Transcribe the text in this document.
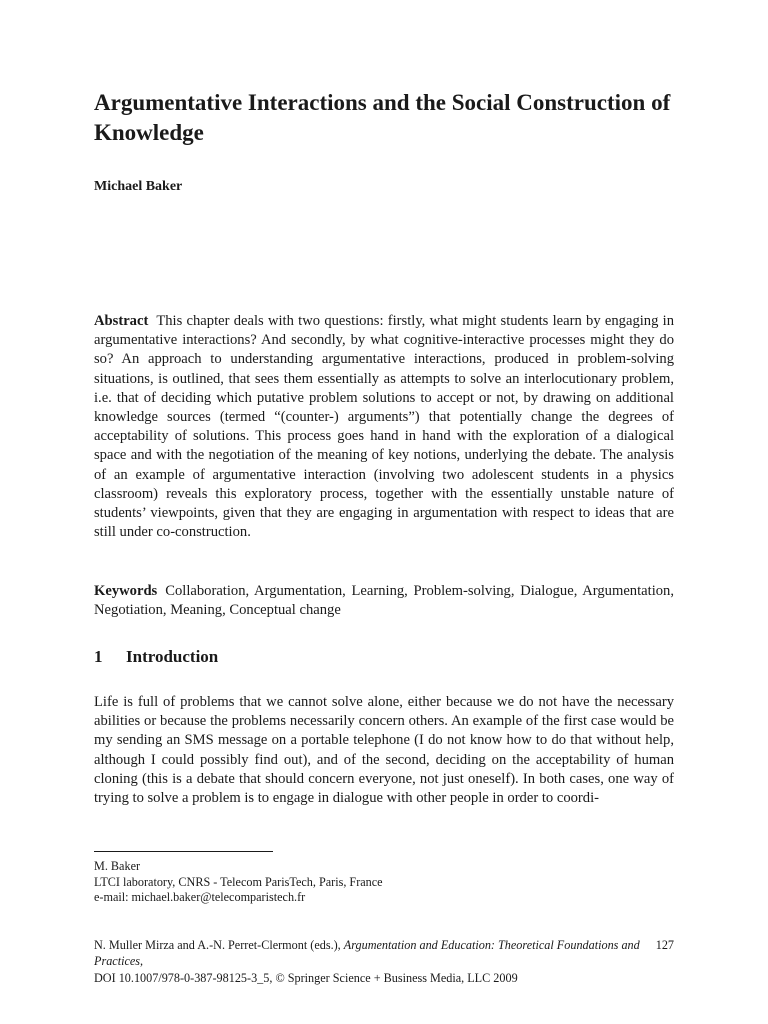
Argumentative Interactions and the Social Construction of Knowledge
Michael Baker

Abstract This chapter deals with two questions: firstly, what might students learn by engaging in argumentative interactions? And secondly, by what cognitive-interactive processes might they do so? An approach to understanding argumentative interactions, produced in problem-solving situations, is outlined, that sees them essentially as attempts to solve an interlocutionary problem, i.e. that of deciding which putative problem solutions to accept or not, by drawing on additional knowledge sources (termed “(counter-) arguments”) that potentially change the degrees of acceptability of solutions. This process goes hand in hand with the exploration of a dialogical space and with the negotiation of the meaning of key notions, underlying the debate. The analysis of an example of argumentative interaction (involving two adolescent students in a physics classroom) reveals this exploratory process, together with the essentially unstable nature of students’ viewpoints, given that they are engaging in argumentation with respect to ideas that are still under co-construction.

Keywords Collaboration, Argumentation, Learning, Problem-solving, Dialogue, Argumentation, Negotiation, Meaning, Conceptual change

1 Introduction

Life is full of problems that we cannot solve alone, either because we do not have the necessary abilities or because the problems necessarily concern others. An example of the first case would be my sending an SMS message on a portable telephone (I do not know how to do that without help, although I could possibly find out), and of the second, deciding on the acceptability of human cloning (this is a debate that should concern everyone, not just oneself). In both cases, one way of trying to solve a problem is to engage in dialogue with other people in order to coordi-

M. Baker
LTCI laboratory, CNRS - Telecom ParisTech, Paris, France
e-mail: michael.baker@telecomparistech.fr
N. Muller Mirza and A.-N. Perret-Clermont (eds.), Argumentation and Education: Theoretical Foundations and Practices,
DOI 10.1007/978-0-387-98125-3_5, © Springer Science + Business Media, LLC 2009
127
